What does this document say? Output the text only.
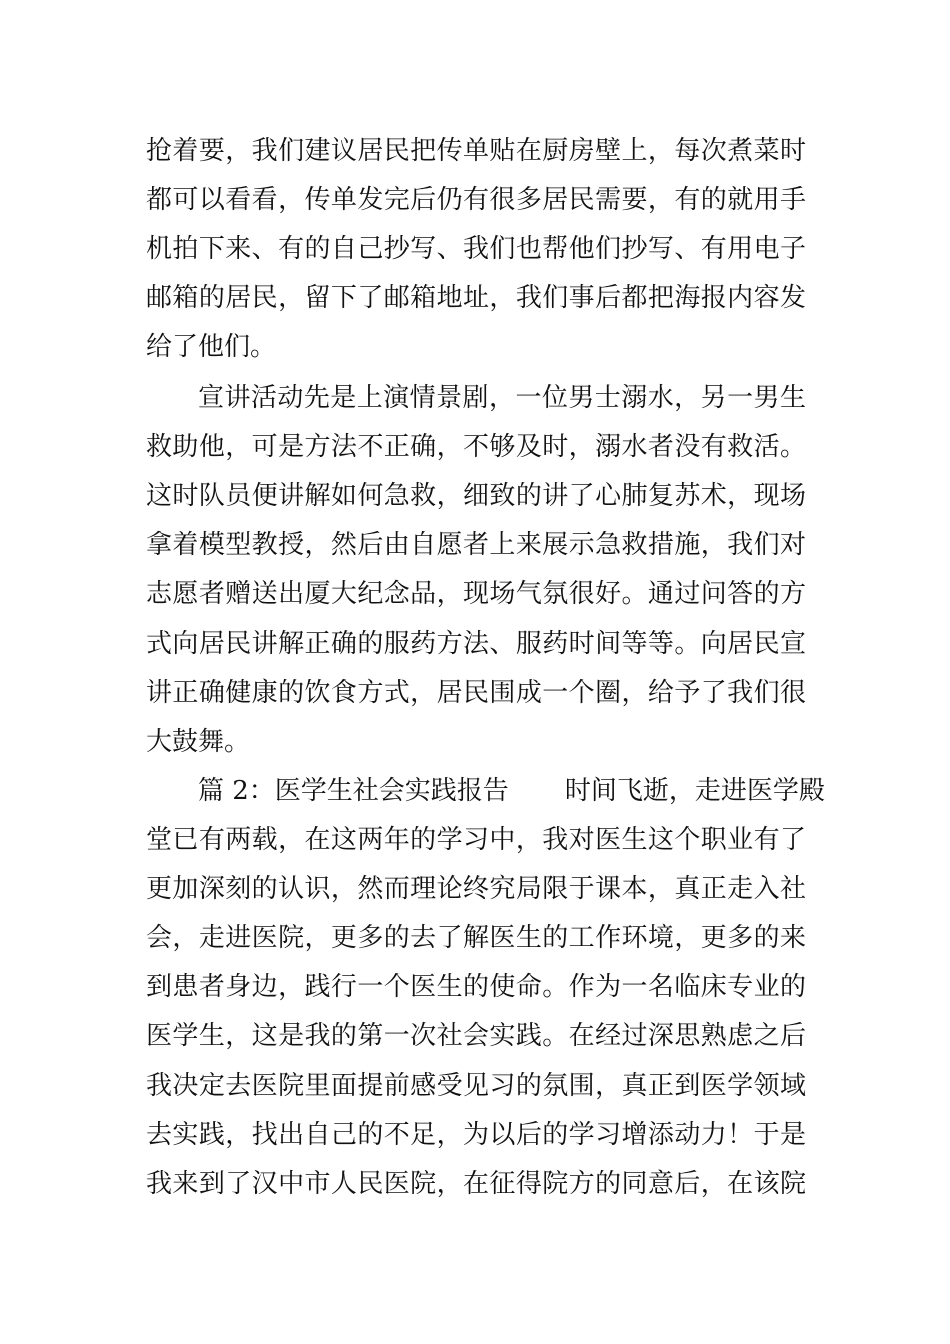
抢着要，我们建议居民把传单贴在厨房壁上，每次煮菜时
都可以看看，传单发完后仍有很多居民需要，有的就用手
机拍下来、有的自己抄写、我们也帮他们抄写、有用电子
邮箱的居民，留下了邮箱地址，我们事后都把海报内容发
给了他们。
宣讲活动先是上演情景剧，一位男士溺水，另一男生
救助他，可是方法不正确，不够及时，溺水者没有救活。
这时队员便讲解如何急救，细致的讲了心肺复苏术，现场
拿着模型教授，然后由自愿者上来展示急救措施，我们对
志愿者赠送出厦大纪念品，现场气氛很好。通过问答的方
式向居民讲解正确的服药方法、服药时间等等。向居民宣
讲正确健康的饮食方式，居民围成一个圈，给予了我们很
大鼓舞。
篇 2：医学生社会实践报告 时间飞逝，走进医学殿
堂已有两载，在这两年的学习中，我对医生这个职业有了
更加深刻的认识，然而理论终究局限于课本，真正走入社
会，走进医院，更多的去了解医生的工作环境，更多的来
到患者身边，践行一个医生的使命。作为一名临床专业的
医学生，这是我的第一次社会实践。在经过深思熟虑之后
我决定去医院里面提前感受见习的氛围，真正到医学领域
去实践，找出自己的不足，为以后的学习增添动力！于是
我来到了汉中市人民医院，在征得院方的同意后，在该院
